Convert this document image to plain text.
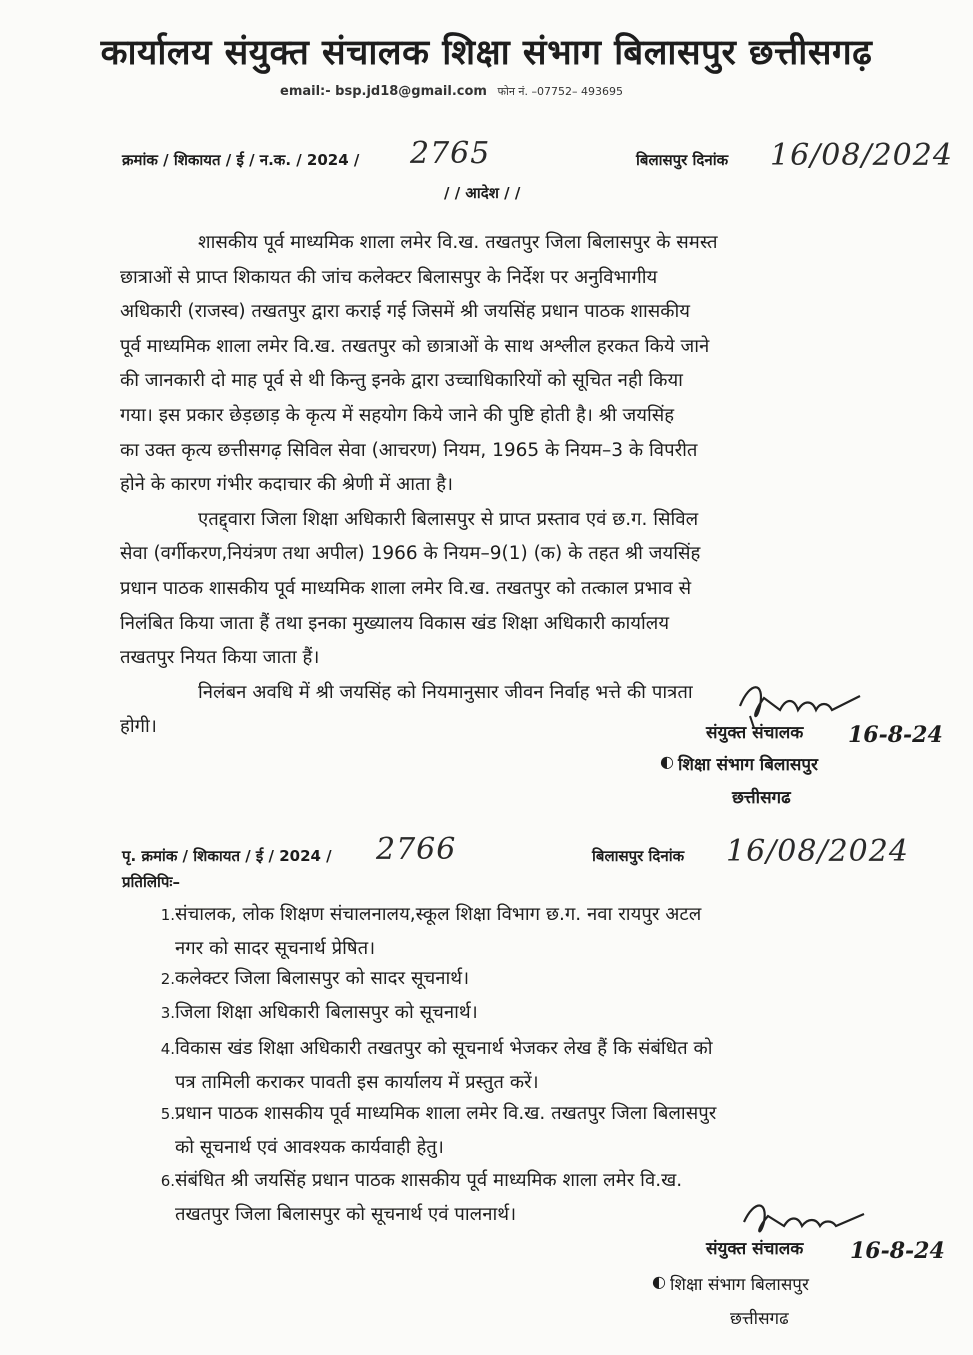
कार्यालय संयुक्त संचालक शिक्षा संभाग बिलासपुर छत्तीसगढ़
email:- bsp.jd18@gmail.com फोन नं. –07752– 493695
क्रमांक / शिकायत / ई / न.क. / 2024 / 2765	बिलासपुर दिनांक 16/08/2024
/ / आदेश / /
शासकीय पूर्व माध्यमिक शाला लमेर वि.ख. तखतपुर जिला बिलासपुर के समस्त
छात्राओं से प्राप्त शिकायत की जांच कलेक्टर बिलासपुर के निर्देश पर अनुविभागीय
अधिकारी (राजस्व) तखतपुर द्वारा कराई गई जिसमें श्री जयसिंह प्रधान पाठक शासकीय
पूर्व माध्यमिक शाला लमेर वि.ख. तखतपुर को छात्राओं के साथ अश्लील हरकत किये जाने
की जानकारी दो माह पूर्व से थी किन्तु इनके द्वारा उच्चाधिकारियों को सूचित नही किया
गया। इस प्रकार छेड़छाड़ के कृत्य में सहयोग किये जाने की पुष्टि होती है। श्री जयसिंह
का उक्त कृत्य छत्तीसगढ़ सिविल सेवा (आचरण) नियम, 1965 के नियम–3 के विपरीत
होने के कारण गंभीर कदाचार की श्रेणी में आता है।
एतद्द्वारा जिला शिक्षा अधिकारी बिलासपुर से प्राप्त प्रस्ताव एवं छ.ग. सिविल
सेवा (वर्गीकरण,नियंत्रण तथा अपील) 1966 के नियम–9(1) (क) के तहत श्री जयसिंह
प्रधान पाठक शासकीय पूर्व माध्यमिक शाला लमेर वि.ख. तखतपुर को तत्काल प्रभाव से
निलंबित किया जाता हैं तथा इनका मुख्यालय विकास खंड शिक्षा अधिकारी कार्यालय
तखतपुर नियत किया जाता हैं।
निलंबन अवधि में श्री जयसिंह को नियमानुसार जीवन निर्वाह भत्ते की पात्रता
होगी।	संयुक्त संचालक 16-8-24
◐ शिक्षा संभाग बिलासपुर
छत्तीसगढ
पृ. क्रमांक / शिकायत / ई / 2024 / 2766	बिलासपुर दिनांक 16/08/2024
प्रतिलिपिः–
1. संचालक, लोक शिक्षण संचालनालय,स्कूल शिक्षा विभाग छ.ग. नवा रायपुर अटल
नगर को सादर सूचनार्थ प्रेषित।
2. कलेक्टर जिला बिलासपुर को सादर सूचनार्थ।
3. जिला शिक्षा अधिकारी बिलासपुर को सूचनार्थ।
4. विकास खंड शिक्षा अधिकारी तखतपुर को सूचनार्थ भेजकर लेख हैं कि संबंधित को
पत्र तामिली कराकर पावती इस कार्यालय में प्रस्तुत करें।
5. प्रधान पाठक शासकीय पूर्व माध्यमिक शाला लमेर वि.ख. तखतपुर जिला बिलासपुर
को सूचनार्थ एवं आवश्यक कार्यवाही हेतु।
6. संबंधित श्री जयसिंह प्रधान पाठक शासकीय पूर्व माध्यमिक शाला लमेर वि.ख.
तखतपुर जिला बिलासपुर को सूचनार्थ एवं पालनार्थ।
संयुक्त संचालक 16-8-24
◐ शिक्षा संभाग बिलासपुर
छत्तीसगढ
